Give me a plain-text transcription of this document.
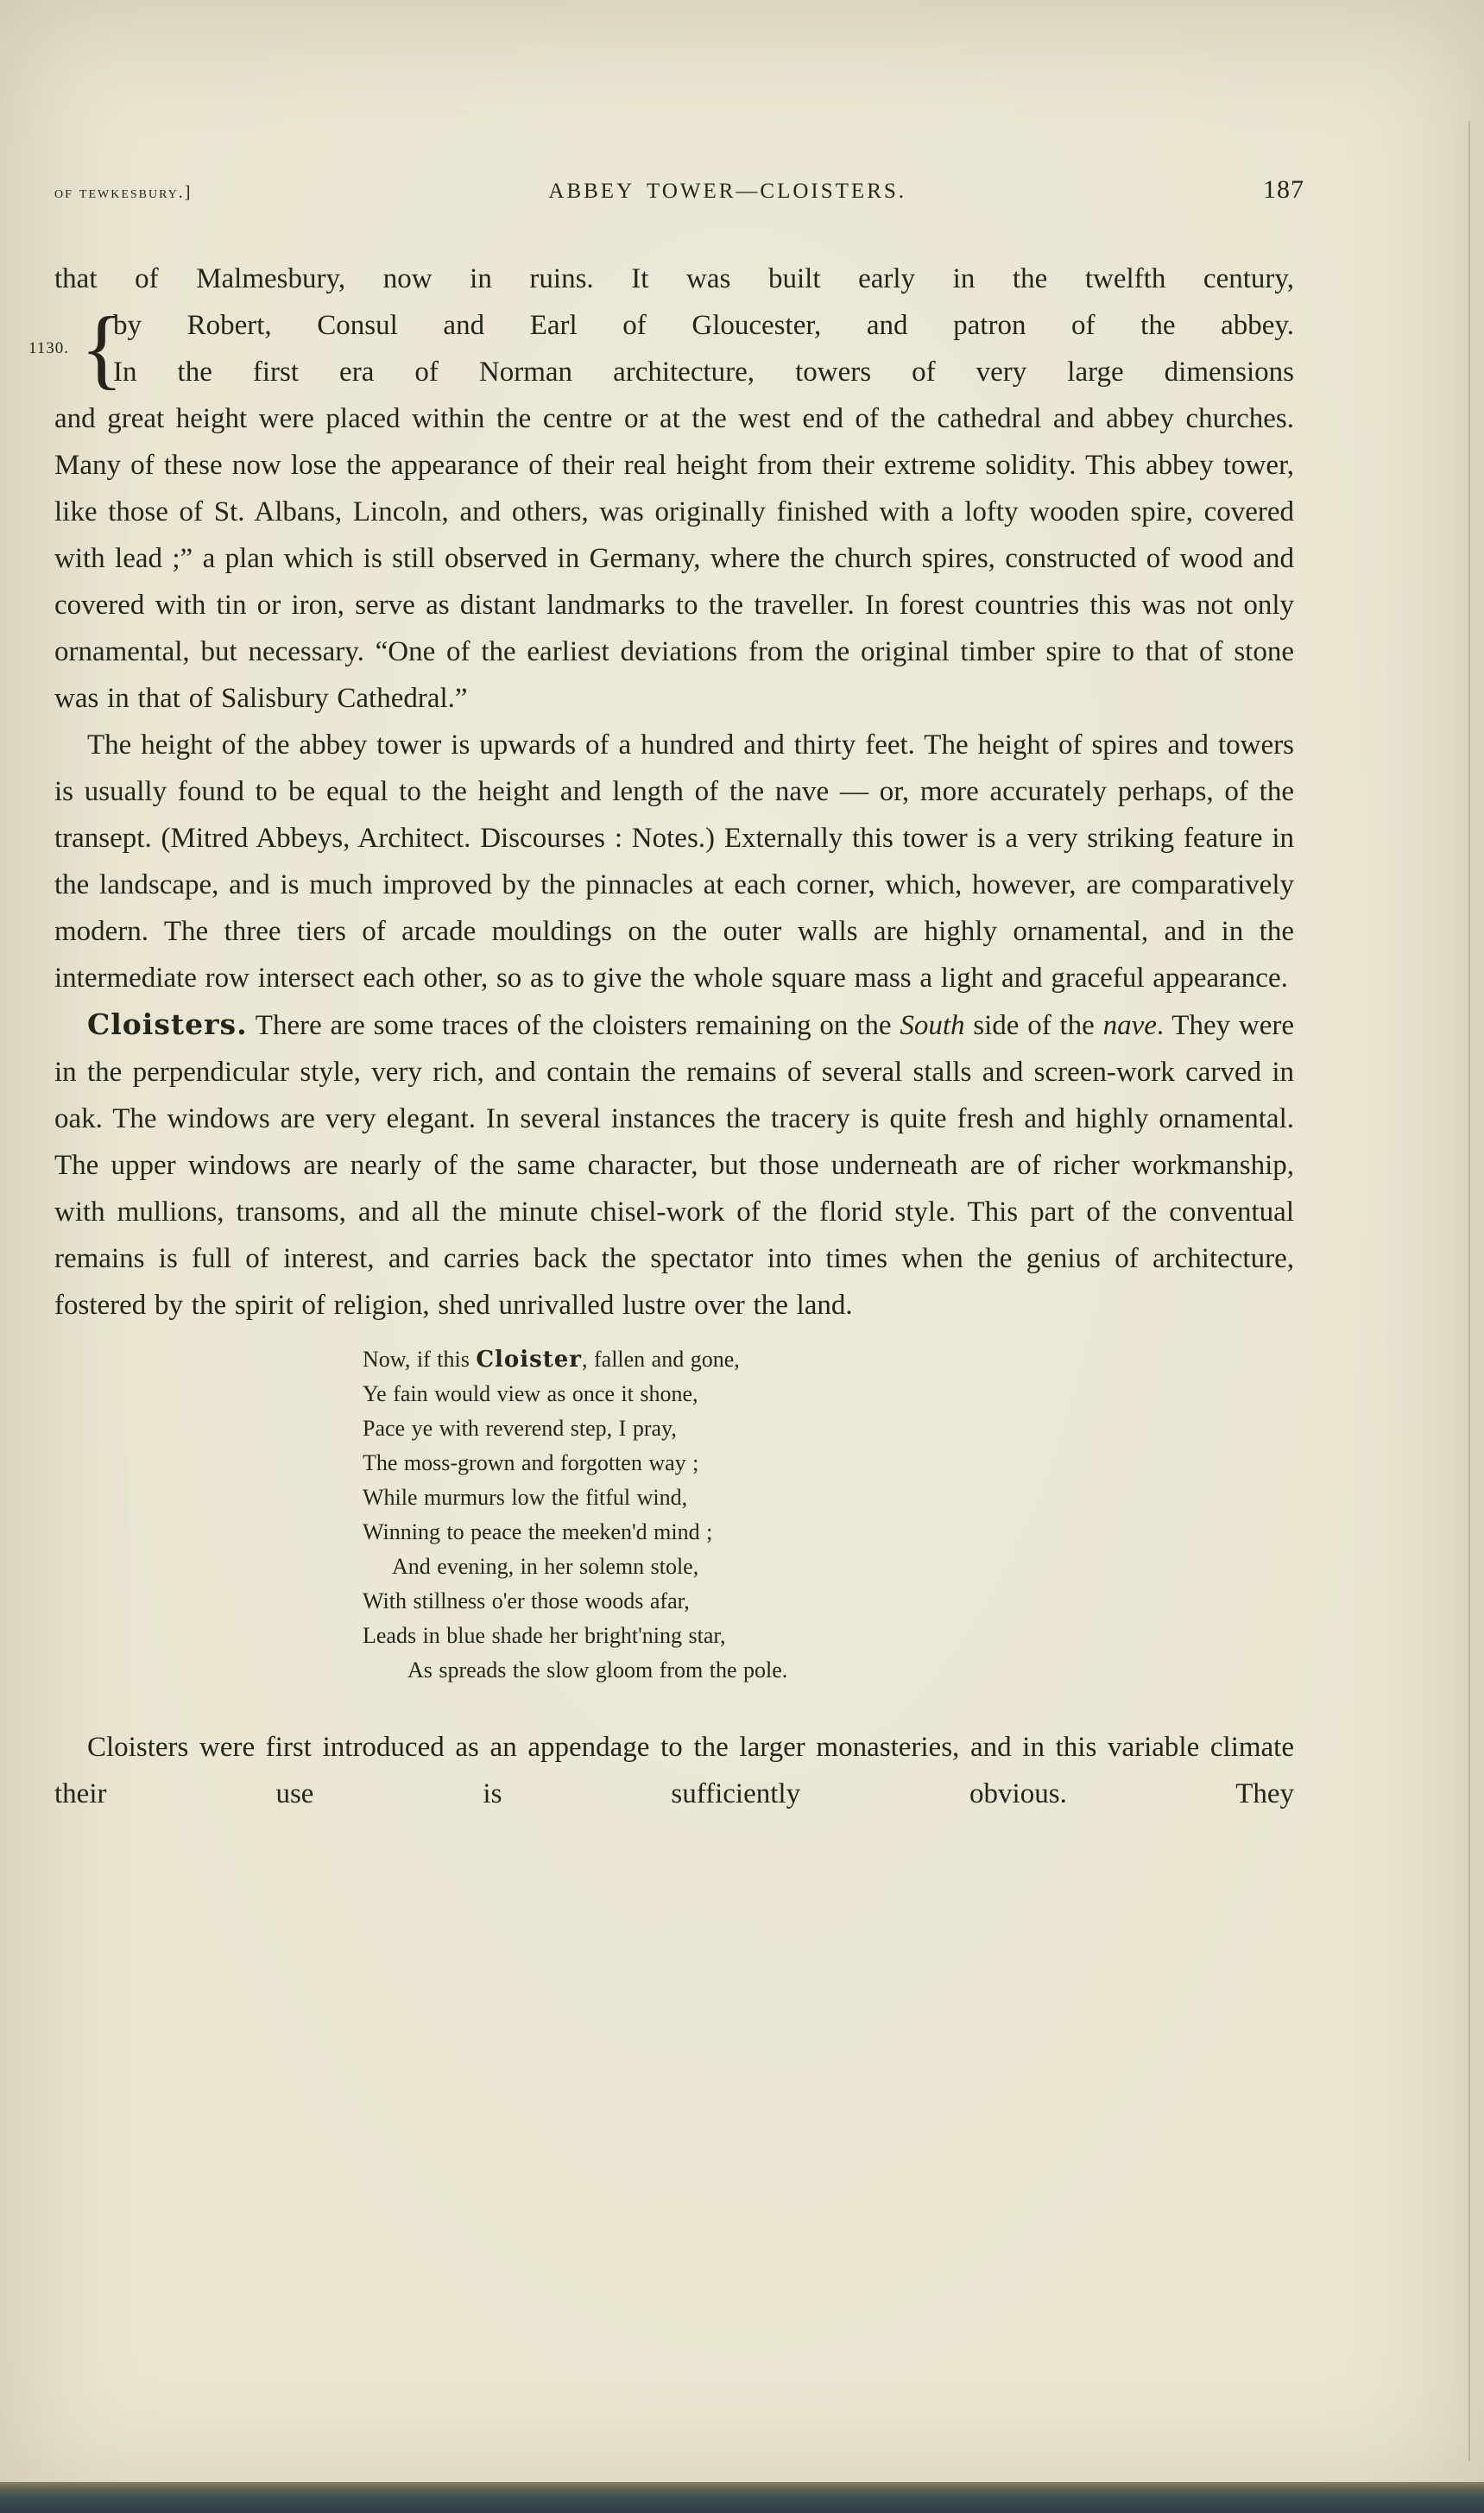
of tewkesbury.]	ABBEY TOWER—CLOISTERS.	187
that of Malmesbury, now in ruins. It was built early in the twelfth century,
1130. {
by Robert, Consul and Earl of Gloucester, and patron of the abbey.
In the first era of Norman architecture, towers of very large dimensions

and great height were placed within the centre or at the west end of the cathedral and abbey churches. Many of these now lose the appearance of their real height from their extreme solidity. This abbey tower, like those of St. Albans, Lincoln, and others, was originally finished with a lofty wooden spire, covered with lead ;” a plan which is still observed in Germany, where the church spires, constructed of wood and covered with tin or iron, serve as distant landmarks to the traveller. In forest countries this was not only ornamental, but necessary. “One of the earliest deviations from the original timber spire to that of stone was in that of Salisbury Cathedral.”

The height of the abbey tower is upwards of a hundred and thirty feet. The height of spires and towers is usually found to be equal to the height and length of the nave — or, more accurately perhaps, of the transept. (Mitred Abbeys, Architect. Discourses : Notes.) Externally this tower is a very striking feature in the landscape, and is much improved by the pinnacles at each corner, which, however, are comparatively modern. The three tiers of arcade mouldings on the outer walls are highly ornamental, and in the intermediate row intersect each other, so as to give the whole square mass a light and graceful appearance.

Cloisters. There are some traces of the cloisters remaining on the South side of the nave. They were in the perpendicular style, very rich, and contain the remains of several stalls and screen-work carved in oak. The windows are very elegant. In several instances the tracery is quite fresh and highly ornamental. The upper windows are nearly of the same character, but those underneath are of richer workmanship, with mullions, transoms, and all the minute chisel-work of the florid style. This part of the conventual remains is full of interest, and carries back the spectator into times when the genius of architecture, fostered by the spirit of religion, shed unrivalled lustre over the land.

Now, if this Cloister, fallen and gone,
Ye fain would view as once it shone,
Pace ye with reverend step, I pray,
The moss-grown and forgotten way ;
While murmurs low the fitful wind,
Winning to peace the meeken'd mind ;
And evening, in her solemn stole,
With stillness o'er those woods afar,
Leads in blue shade her bright'ning star,
As spreads the slow gloom from the pole.

Cloisters were first introduced as an appendage to the larger monasteries, and in this variable climate their use is sufficiently obvious. They
